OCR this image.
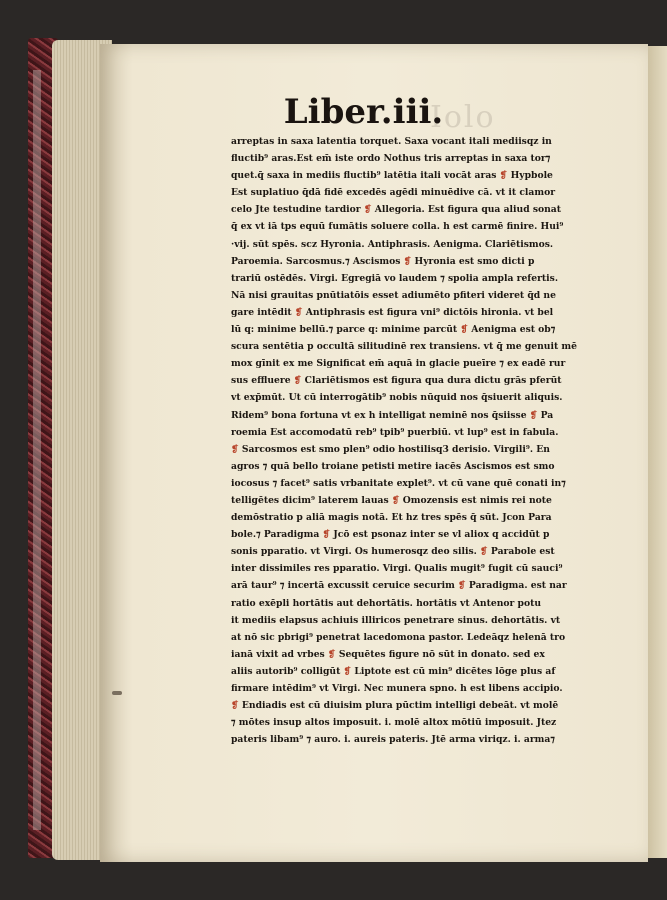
Iolo
Liber.iii.
arreptas in saxa latentia torquet. Saxa vocant itali mediisqz in
fluctib⁹ aras.Est em̄ iste ordo Nothus tris arreptas in saxa tor⁊
quet.q̄ saxa in mediis fluctib⁹ latētia itali vocāt aras ❡ Hypbole
Est suplatiuo q̄dā fidē excedēs agēdi minuēdive cā. vt it clamor
celo Jte testudine tardior ❡ Allegoria. Est figura qua aliud sonat
q̄ ex vt iā tps equū fumātis soluere colla. h est carmē finire. Hui⁹
·vij. sūt spēs. scz Hyronia. Antiphrasis. Aenigma. Clariētismos.
Paroemia. Sarcosmus.⁊ Ascismos ❡ Hyronia est smo dicti p
trariū ostēdēs. Virgi. Egregiā vo laudem ⁊ spolia ampla refertis.
Nā nisi grauitas pnūtiatōis esset adiumēto pfiteri videret q̄d ne
gare intēdit ❡ Antiphrasis est figura vni⁹ dictōis hironia. vt bel
lū q: minime bellū.⁊ parce q: minime parcūt ❡ Aenigma est ob⁊
scura sentētia p occultā silitudinē rex transiens. vt q̄ me genuit mē
mox gīnit ex me Significat em̄ aquā in glacie pueīre ⁊ ex eadē rur
sus effluere ❡ Clariētismos est figura qua dura dictu grās pferūt
vt exp̄mūt. Ut cū interrogātib⁹ nobis nūquid nos q̄siuerit aliquis.
Ridem⁹ bona fortuna vt ex h intelligat neminē nos q̄siisse ❡ Pa
roemia Est accomodatū reb⁹ tpib⁹ puerbiū. vt lup⁹ est in fabula.
❡ Sarcosmos est smo plen⁹ odio hostilisq3 derisio. Virgili⁹. En
agros ⁊ quā bello troiane petisti metire iacēs Ascismos est smo
iocosus ⁊ facet⁹ satis vrbanitate explet⁹. vt cū vane quē conati in⁊
telligētes dicim⁹ laterem lauas ❡ Omozensis est nimis rei note
demōstratio p aliā magis notā. Et hz tres spēs q̄ sūt. Jcon Para
bole.⁊ Paradigma ❡ Jcō est psonaz inter se vl aliox q accidūt p
sonis pparatio. vt Virgi. Os humerosqz deo silis. ❡ Parabole est
inter dissimiles res pparatio. Virgi. Qualis mugit⁹ fugit cū sauci⁹
arā taur⁹ ⁊ incertā excussit ceruice securim ❡ Paradigma. est nar
ratio exēpli hortātis aut dehortātis. hortātis vt Antenor potu
it mediis elapsus achiuis illiricos penetrare sinus. dehortātis. vt
at nō sic pbrigi⁹ penetrat lacedomona pastor. Ledeāqz helenā tro
ianā vixit ad vrbes ❡ Sequētes figure nō sūt in donato. sed ex
aliis autorib⁹ colligūt ❡ Liptote est cū min⁹ dicētes lōge plus af
firmare intēdim⁹ vt Virgi. Nec munera spno. h est libens accipio.
❡ Endiadis est cū diuisim plura pūctim intelligi debeāt. vt molē
⁊ mōtes insup altos imposuit. i. molē altox mōtiū imposuit. Jtez
pateris libam⁹ ⁊ auro. i. aureis pateris. Jtē arma viriqz. i. arma⁊
